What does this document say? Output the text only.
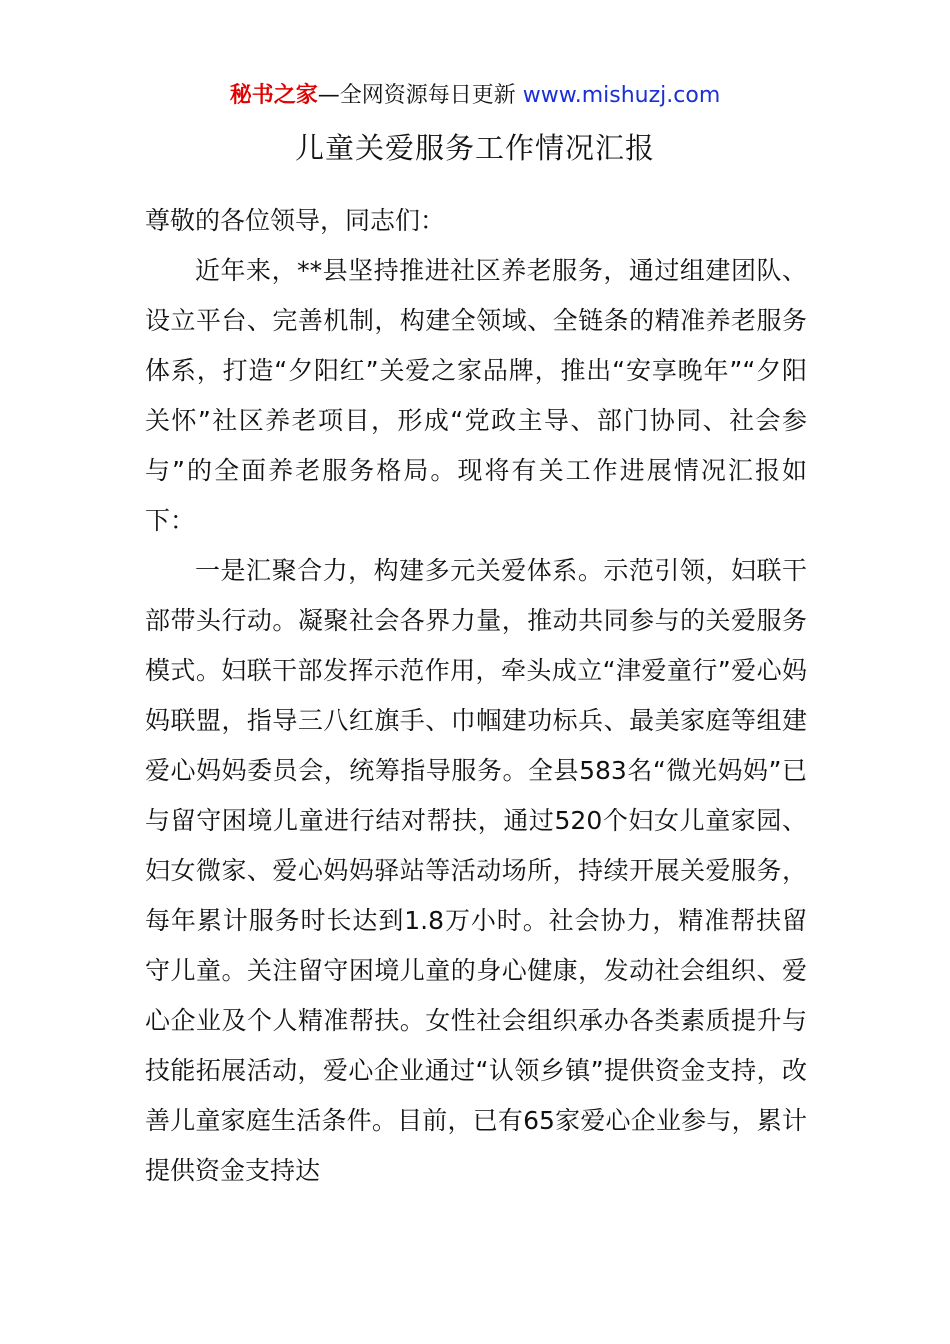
秘书之家—全网资源每日更新 www.mishuzj.com
儿童关爱服务工作情况汇报

尊敬的各位领导，同志们：

近年来，**县坚持推进社区养老服务，通过组建团队、设立平台、完善机制，构建全领域、全链条的精准养老服务体系，打造“夕阳红”关爱之家品牌，推出“安享晚年”“夕阳关怀”社区养老项目，形成“党政主导、部门协同、社会参与”的全面养老服务格局。现将有关工作进展情况汇报如下：

一是汇聚合力，构建多元关爱体系。示范引领，妇联干部带头行动。凝聚社会各界力量，推动共同参与的关爱服务模式。妇联干部发挥示范作用，牵头成立“津爱童行”爱心妈妈联盟，指导三八红旗手、巾帼建功标兵、最美家庭等组建爱心妈妈委员会，统筹指导服务。全县583名“微光妈妈”已与留守困境儿童进行结对帮扶，通过520个妇女儿童家园、妇女微家、爱心妈妈驿站等活动场所，持续开展关爱服务，每年累计服务时长达到1.8万小时。社会协力，精准帮扶留守儿童。关注留守困境儿童的身心健康，发动社会组织、爱心企业及个人精准帮扶。女性社会组织承办各类素质提升与技能拓展活动，爱心企业通过“认领乡镇”提供资金支持，改善儿童家庭生活条件。目前，已有65家爱心企业参与，累计提供资金支持达
